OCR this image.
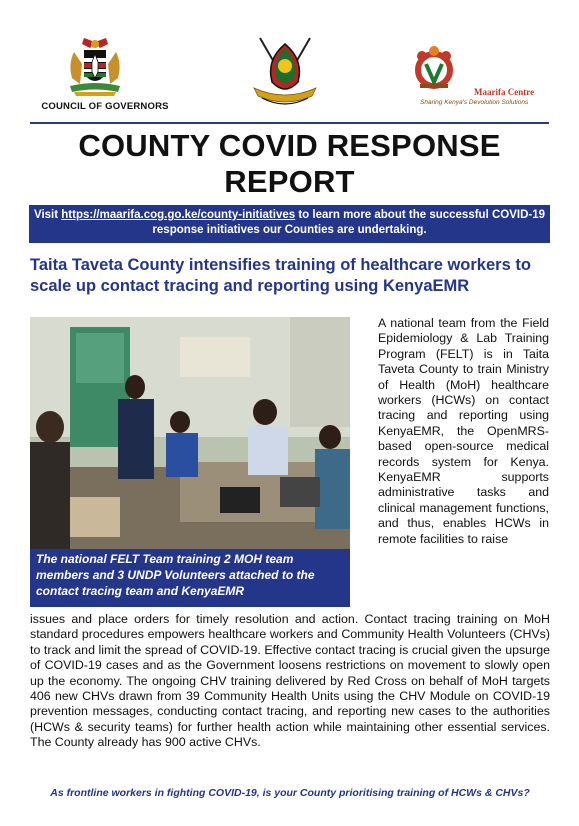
COUNCIL OF GOVERNORS
Maarifa Centre
Sharing Kenya's Devolution Solutions
COUNTY COVID RESPONSE REPORT
Visit https://maarifa.cog.go.ke/county-initiatives to learn more about the successful COVID-19 response initiatives our Counties are undertaking.
Taita Taveta County intensifies training of healthcare workers to scale up contact tracing and reporting using KenyaEMR
The national FELT Team training 2 MOH team members and 3 UNDP Volunteers attached to the contact tracing team and KenyaEMR
A national team from the Field Epidemiology & Lab Training Program (FELT) is in Taita Taveta County to train Ministry of Health (MoH) healthcare workers (HCWs) on contact tracing and reporting using KenyaEMR, the OpenMRS-based open-source medical records system for Kenya. KenyaEMR supports administrative tasks and clinical management functions, and thus, enables HCWs in remote facilities to raise
issues and place orders for timely resolution and action. Contact tracing training on MoH standard procedures empowers healthcare workers and Community Health Volunteers (CHVs) to track and limit the spread of COVID-19. Effective contact tracing is crucial given the upsurge of COVID-19 cases and as the Government loosens restrictions on movement to slowly open up the economy. The ongoing CHV training delivered by Red Cross on behalf of MoH targets 406 new CHVs drawn from 39 Community Health Units using the CHV Module on COVID-19 prevention messages, conducting contact tracing, and reporting new cases to the authorities (HCWs & security teams) for further health action while maintaining other essential services. The County already has 900 active CHVs.
As frontline workers in fighting COVID-19, is your County prioritising training of HCWs & CHVs?
